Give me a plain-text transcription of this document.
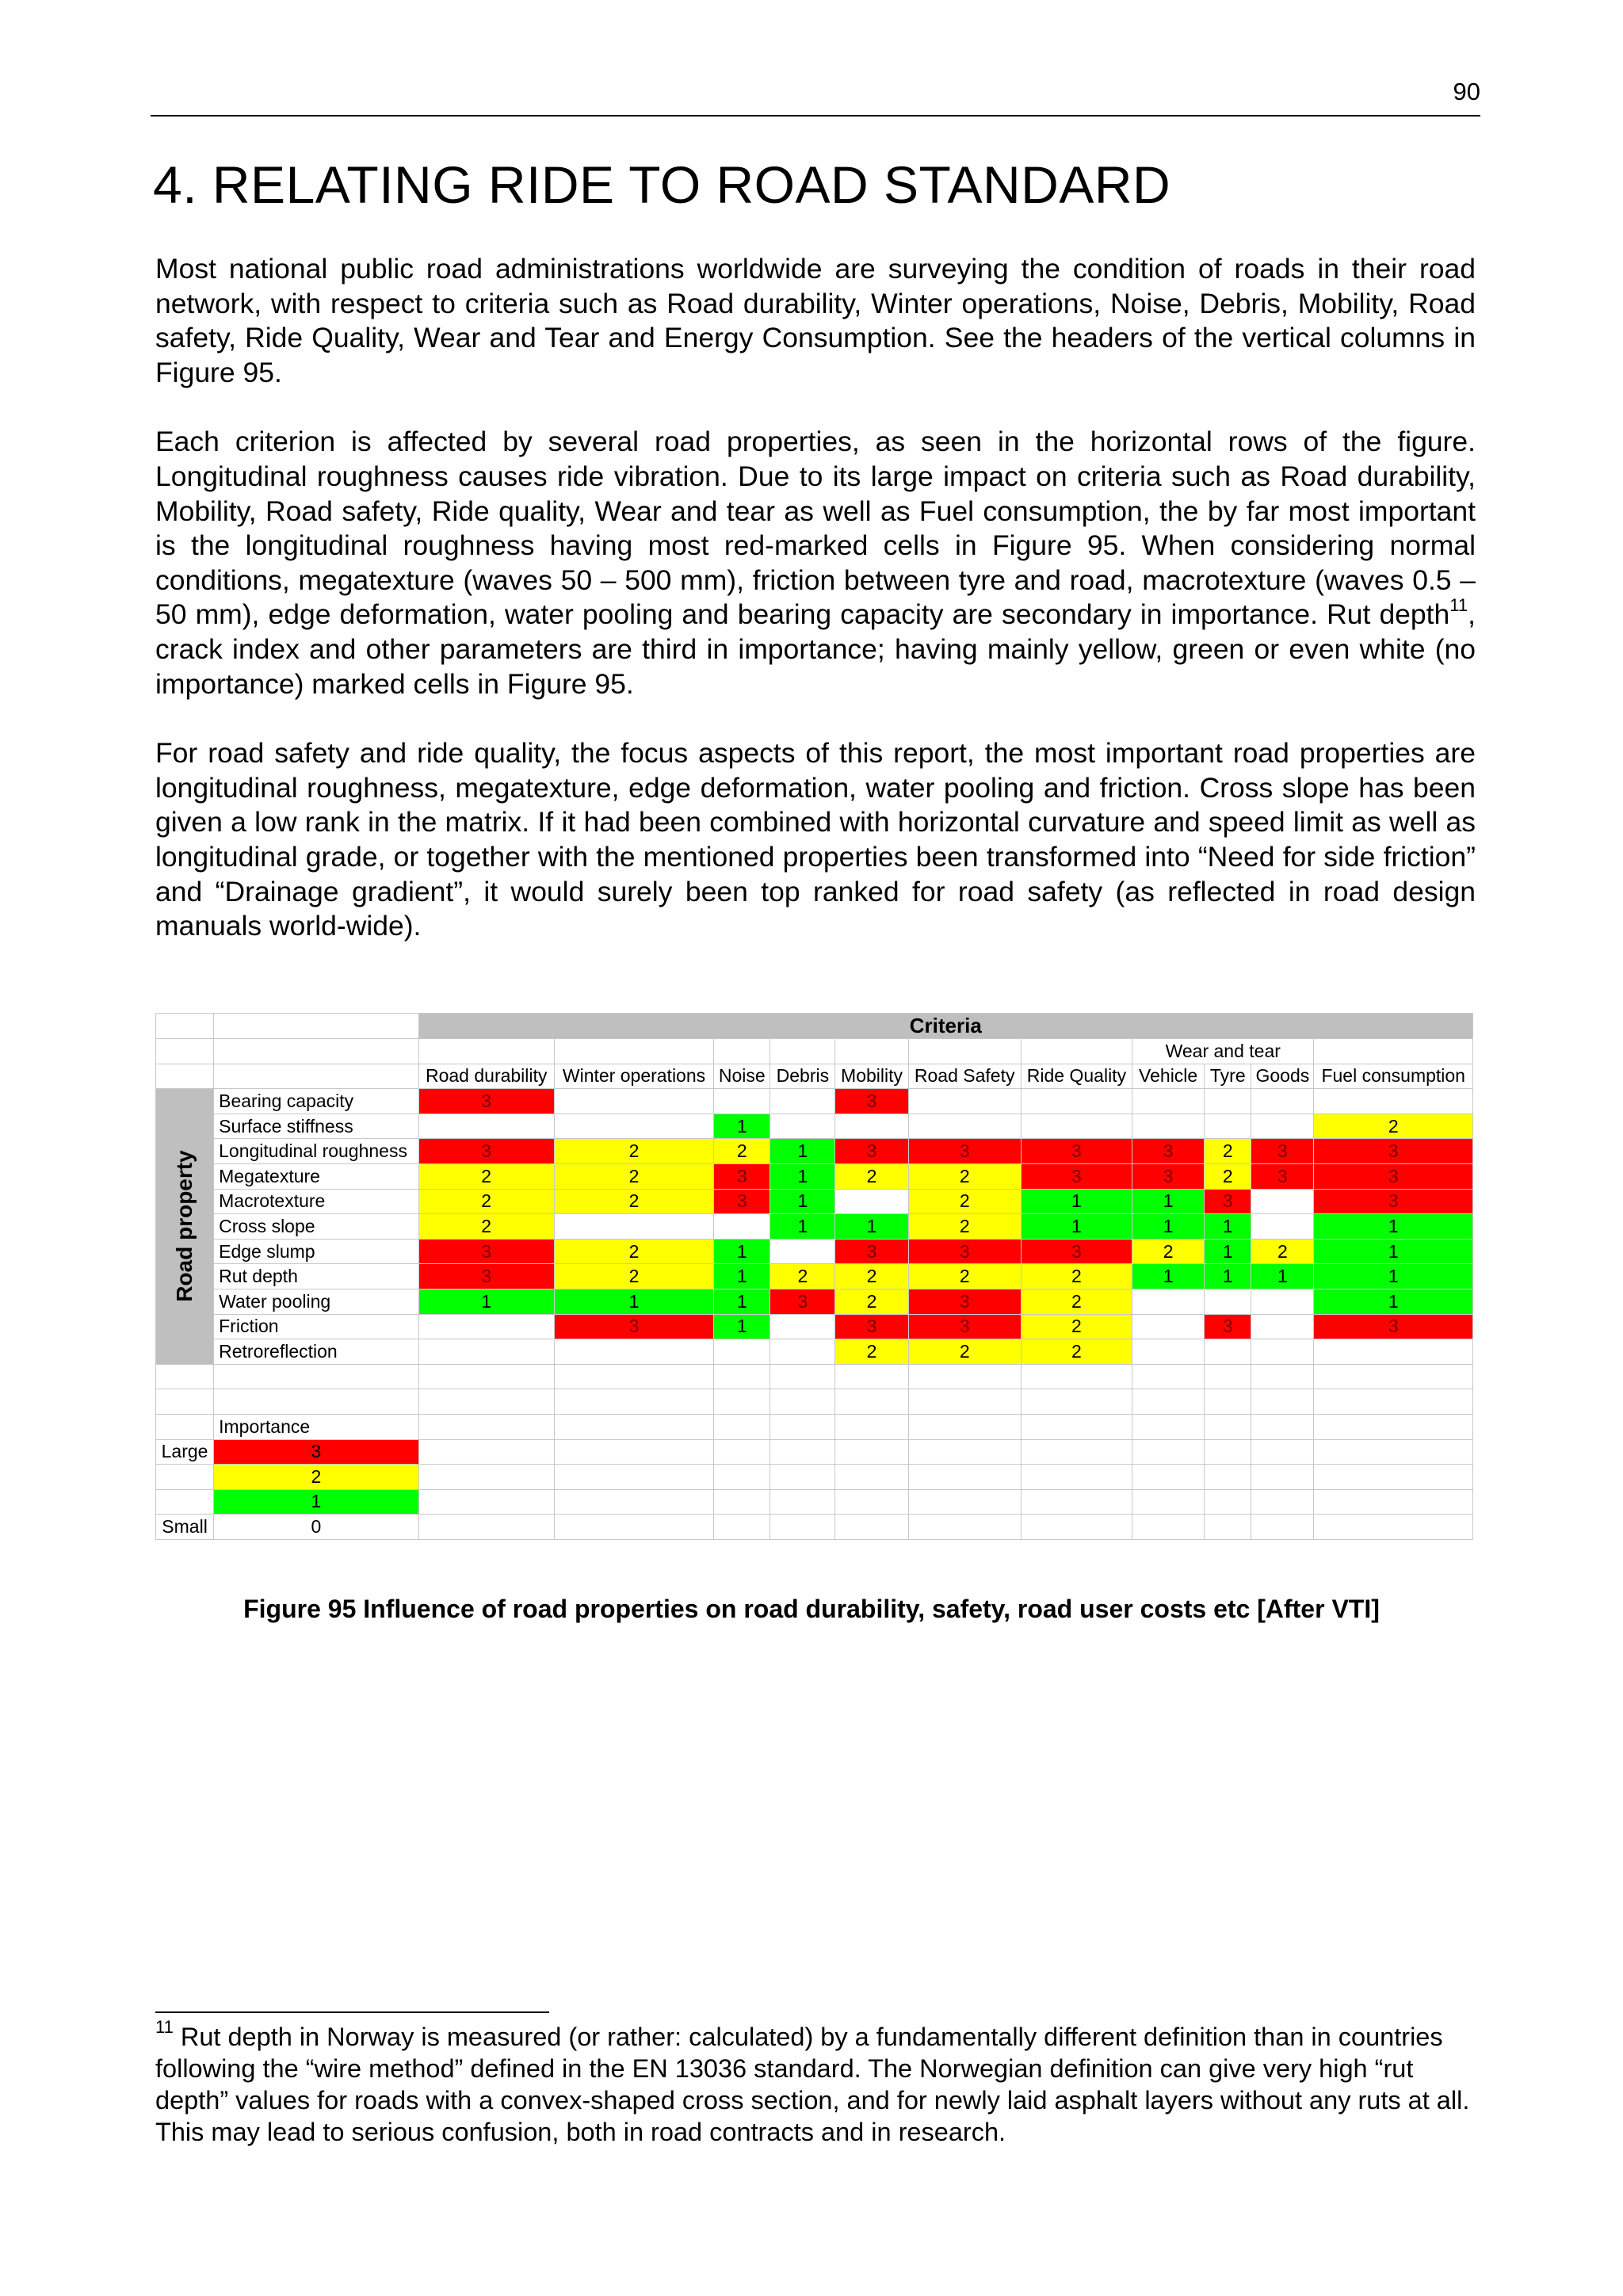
90
4. RELATING RIDE TO ROAD STANDARD

Most national public road administrations worldwide are surveying the condition of roads in their road network, with respect to criteria such as Road durability, Winter operations, Noise, Debris, Mobility, Road safety, Ride Quality, Wear and Tear and Energy Consumption. See the headers of the vertical columns in Figure 95.

Each criterion is affected by several road properties, as seen in the horizontal rows of the figure. Longitudinal roughness causes ride vibration. Due to its large impact on criteria such as Road durability, Mobility, Road safety, Ride quality, Wear and tear as well as Fuel consumption, the by far most important is the longitudinal roughness having most red-marked cells in Figure 95. When considering normal conditions, megatexture (waves 50 – 500 mm), friction between tyre and road, macrotexture (waves 0.5 – 50 mm), edge deformation, water pooling and bearing capacity are secondary in importance. Rut depth$^{11}$, crack index and other parameters are third in importance; having mainly yellow, green or even white (no importance) marked cells in Figure 95.

For road safety and ride quality, the focus aspects of this report, the most important road properties are longitudinal roughness, megatexture, edge deformation, water pooling and friction. Cross slope has been given a low rank in the matrix. If it had been combined with horizontal curvature and speed limit as well as longitudinal grade, or together with the mentioned properties been transformed into “Need for side friction” and “Drainage gradient”, it would surely been top ranked for road safety (as reflected in road design manuals world-wide).

		Criteria										
									Wear and tear			
		Road durability	Winter operations	Noise	Debris	Mobility	Road Safety	Ride Quality	Vehicle	Tyre	Goods	Fuel consumption

Road property	Bearing capacity	3				3						
	Surface stiffness			1								2
	Longitudinal roughness	3	2	2	1	3	3	3	3	2	3	3
	Megatexture	2	2	3	1	2	2	3	3	2	3	3
	Macrotexture	2	2	3	1		2	1	1	3		3
	Cross slope	2			1	1	2	1	1	1		1
	Edge slump	3	2	1		3	3	3	2	1	2	1
	Rut depth	3	2	1	2	2	2	2	1	1	1	1
	Water pooling	1	1	1	3	2	3	2				1
	Friction		3	1		3	3	2		3		3
	Retroreflection					2	2	2				

	Importance											
Large	3											
	2											
	1											
Small	0											
Figure 95 Influence of road properties on road durability, safety, road user costs etc [After VTI]

$^{11}$ Rut depth in Norway is measured (or rather: calculated) by a fundamentally different definition than in countries following the “wire method” defined in the EN 13036 standard. The Norwegian definition can give very high “rut depth” values for roads with a convex-shaped cross section, and for newly laid asphalt layers without any ruts at all. This may lead to serious confusion, both in road contracts and in research.
